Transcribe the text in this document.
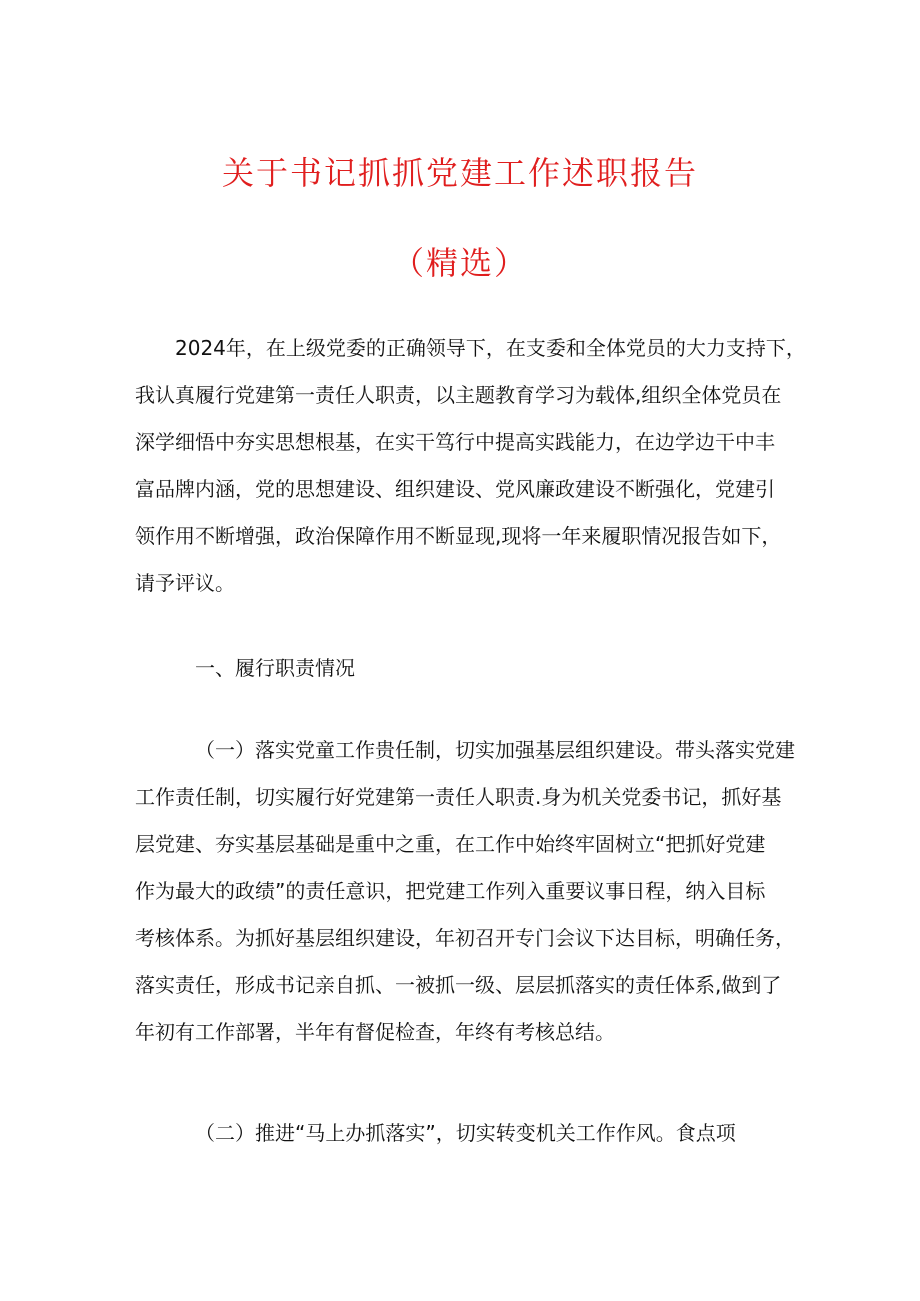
关于书记抓抓党建工作述职报告
（精选）
2024年，在上级党委的正确领导下，在支委和全体党员的大力支持下，
我认真履行党建第一责任人职责，以主题教育学习为载体,组织全体党员在
深学细悟中夯实思想根基，在实干笃行中提高实践能力，在边学边干中丰
富品牌内涵，党的思想建设、组织建设、党风廉政建设不断强化，党建引
领作用不断增强，政治保障作用不断显现,现将一年来履职情况报告如下，
请予评议。
一、履行职责情况
（一）落实党童工作贵任制，切实加强基层组织建设。带头落实党建
工作责任制，切实履行好党建第一责任人职责.身为机关党委书记，抓好基
层党建、夯实基层基础是重中之重，在工作中始终牢固树立“把抓好党建
作为最大的政绩”的责任意识，把党建工作列入重要议事日程，纳入目标
考核体系。为抓好基层组织建设，年初召开专门会议下达目标，明确任务，
落实责任，形成书记亲自抓、一被抓一级、层层抓落实的责任体系,做到了
年初有工作部署，半年有督促检查，年终有考核总结。
（二）推进“马上办抓落实”，切实转变机关工作作风。食点项
